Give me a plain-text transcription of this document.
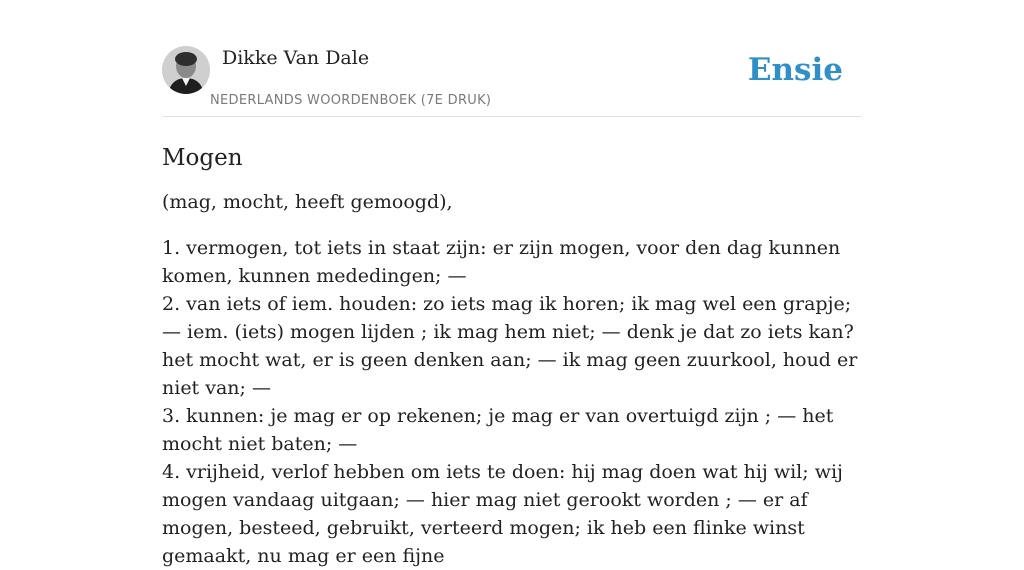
Dikke Van Dale
NEDERLANDS WOORDENBOEK (7E DRUK)
Ensie
Mogen
(mag, mocht, heeft gemoogd),

1. vermogen, tot iets in staat zijn: er zijn mogen, voor den dag kunnen komen, kunnen mededingen; —

2. van iets of iem. houden: zo iets mag ik horen; ik mag wel een grapje; — iem. (iets) mogen lijden ; ik mag hem niet; — denk je dat zo iets kan? het mocht wat, er is geen denken aan; — ik mag geen zuurkool, houd er niet van; —

3. kunnen: je mag er op rekenen; je mag er van overtuigd zijn ; — het mocht niet baten; —

4. vrijheid, verlof hebben om iets te doen: hij mag doen wat hij wil; wij mogen vandaag uitgaan; — hier mag niet gerookt worden ; — er af mogen, besteed, gebruikt, verteerd mogen; ik heb een flinke winst gemaakt, nu mag er een fijne
